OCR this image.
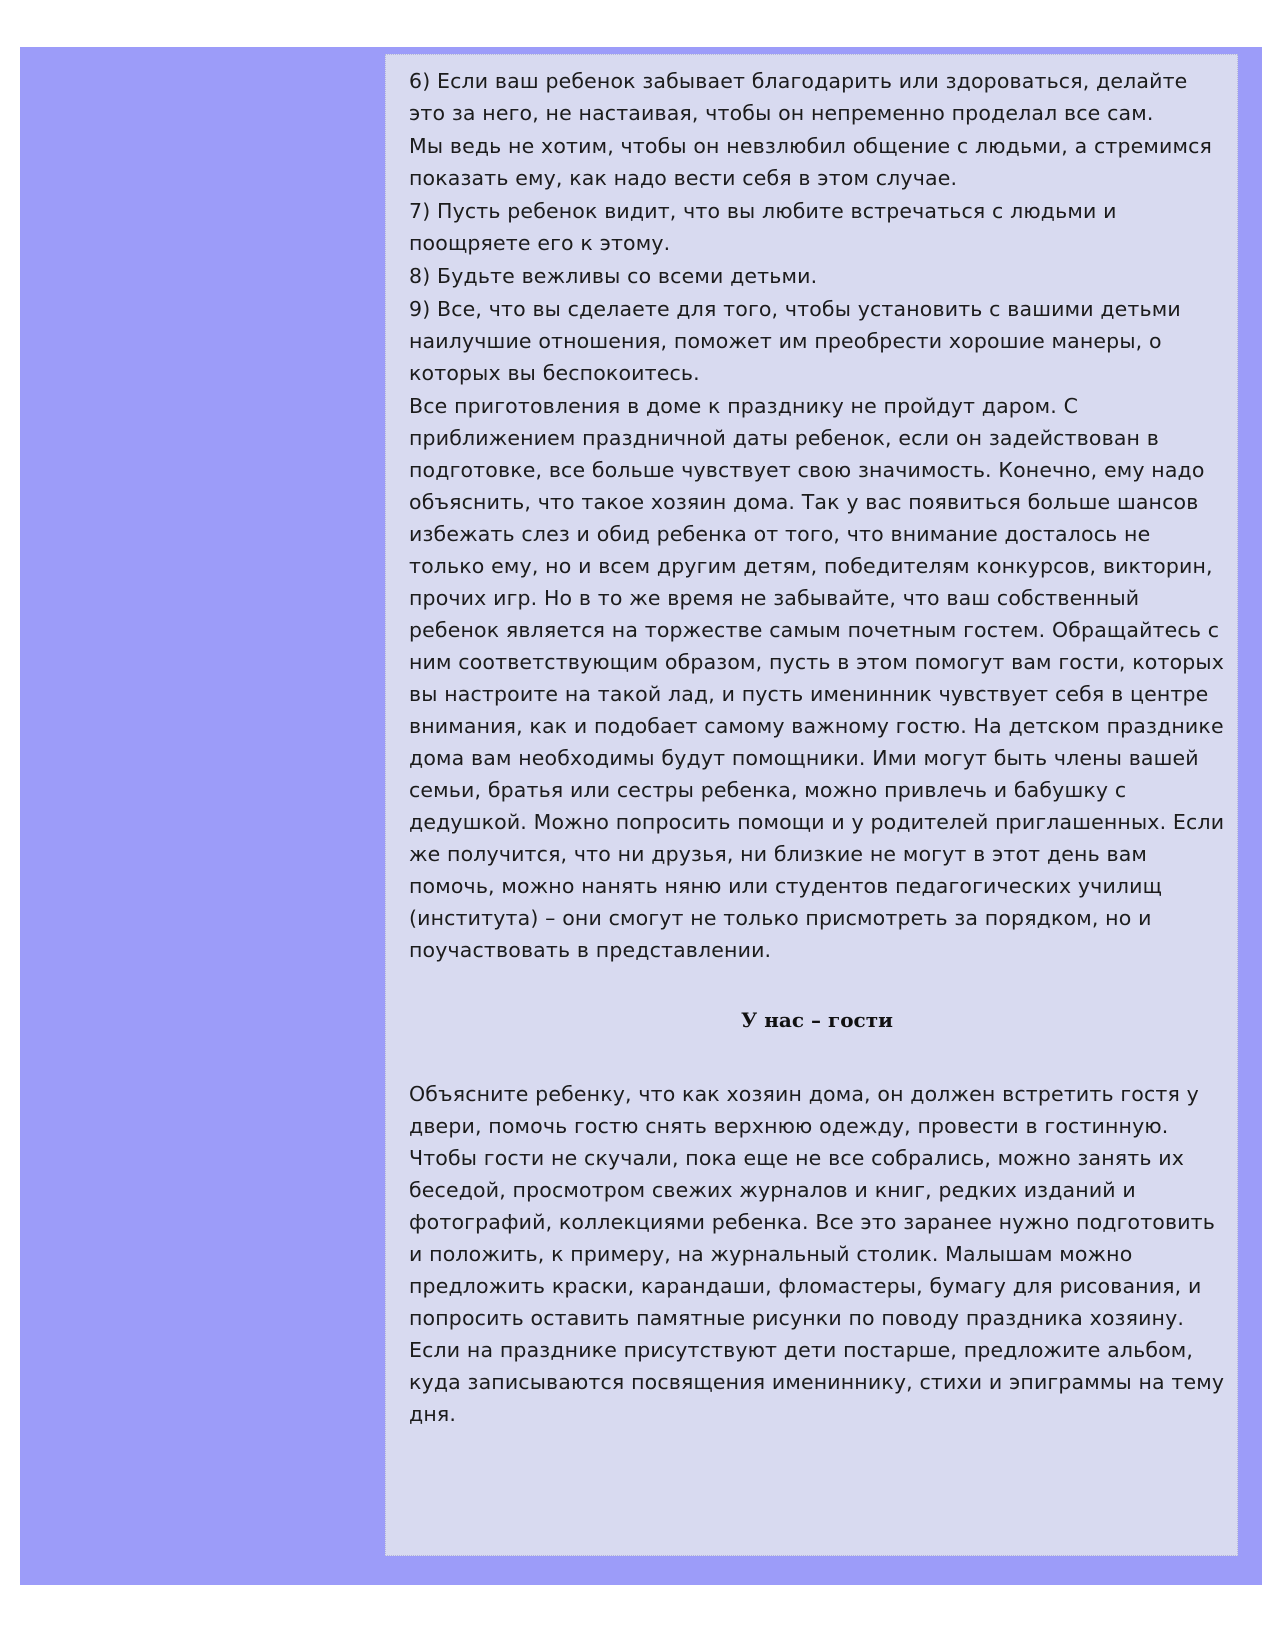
6) Если ваш ребенок забывает благодарить или здороваться, делайте это за него, не настаивая, чтобы он непременно проделал все сам.

Мы ведь не хотим, чтобы он невзлюбил общение с людьми, а стремимся показать ему, как надо вести себя в этом случае.

7) Пусть ребенок видит, что вы любите встречаться с людьми и поощряете его к этому.

8) Будьте вежливы со всеми детьми.

9) Все, что вы сделаете для того, чтобы установить с вашими детьми наилучшие отношения, поможет им преобрести хорошие манеры, о которых вы беспокоитесь.

Все приготовления в доме к празднику не пройдут даром. С приближением праздничной даты ребенок, если он задействован в подготовке, все больше чувствует свою значимость. Конечно, ему надо объяснить, что такое хозяин дома. Так у вас появиться больше шансов избежать слез и обид ребенка от того, что внимание досталось не только ему, но и всем другим детям, победителям конкурсов, викторин, прочих игр. Но в то же время не забывайте, что ваш собственный ребенок является на торжестве самым почетным гостем. Обращайтесь с ним соответствующим образом, пусть в этом помогут вам гости, которых вы настроите на такой лад, и пусть именинник чувствует себя в центре внимания, как и подобает самому важному гостю. На детском празднике дома вам необходимы будут помощники. Ими могут быть члены вашей семьи, братья или сестры ребенка, можно привлечь и бабушку с дедушкой. Можно попросить помощи и у родителей приглашенных. Если же получится, что ни друзья, ни близкие не могут в этот день вам помочь, можно нанять няню или студентов педагогических училищ (института) – они смогут не только присмотреть за порядком, но и поучаствовать в представлении.

У нас – гости

Объясните ребенку, что как хозяин дома, он должен встретить гостя у двери, помочь гостю снять верхнюю одежду, провести в гостинную. Чтобы гости не скучали, пока еще не все собрались, можно занять их беседой, просмотром свежих журналов и книг, редких изданий и фотографий, коллекциями ребенка. Все это заранее нужно подготовить и положить, к примеру, на журнальный столик. Малышам можно предложить краски, карандаши, фломастеры, бумагу для рисования, и попросить оставить памятные рисунки по поводу праздника хозяину. Если на празднике присутствуют дети постарше, предложите альбом, куда записываются посвящения имениннику, стихи и эпиграммы на тему дня.
